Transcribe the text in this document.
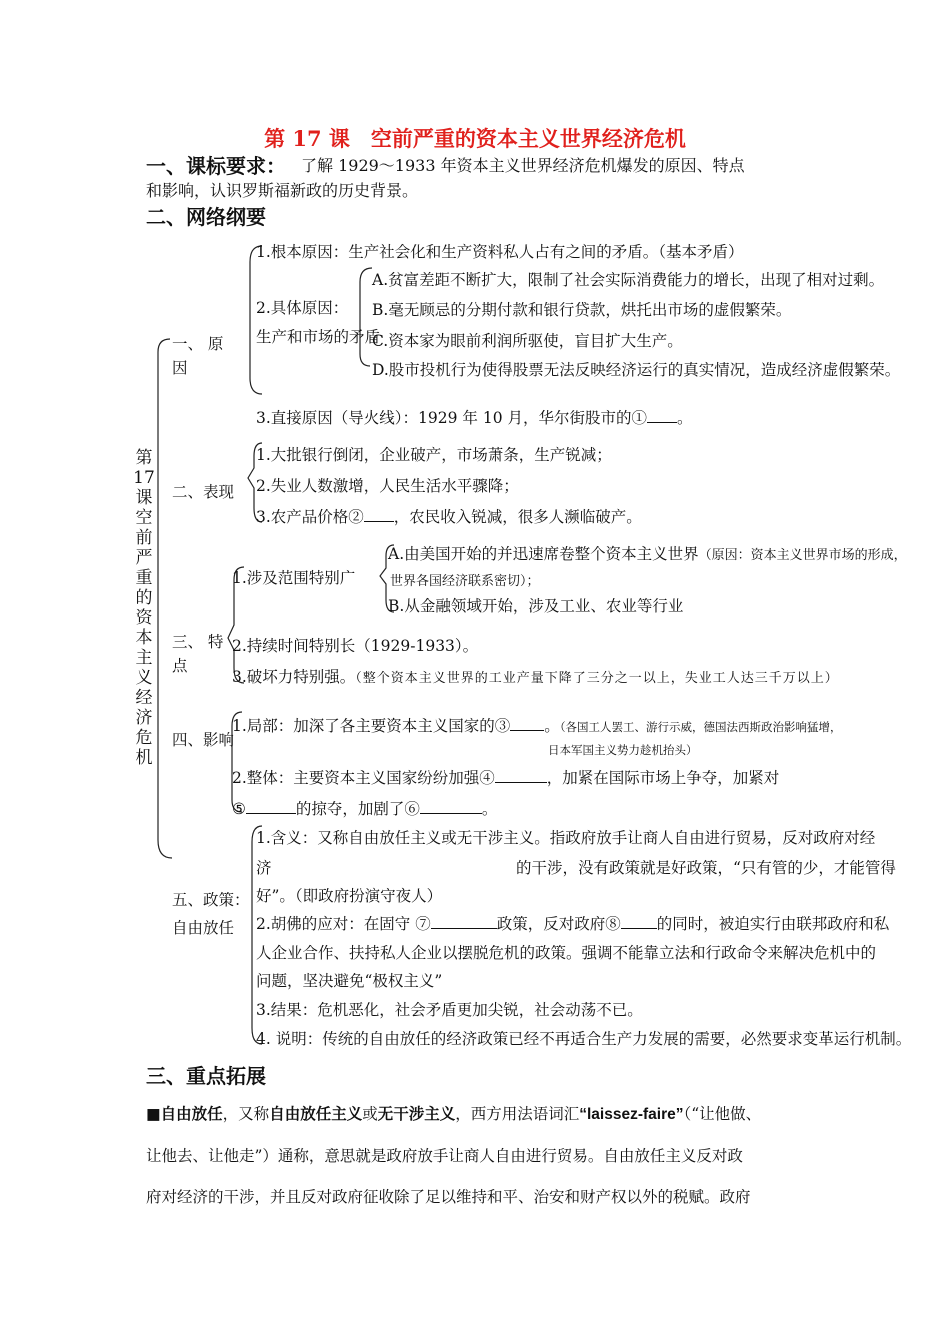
第 17 课　空前严重的资本主义世界经济危机
一、课标要求： 了解 1929～1933 年资本主义世界经济危机爆发的原因、特点
和影响，认识罗斯福新政的历史背景。
二、网络纲要
第17课 空前严重的资本主义经济危机
一、 原
因
1.根本原因：生产社会化和生产资料私人占有之间的矛盾。（基本矛盾）
2.具体原因：
生产和市场的矛盾
A.贫富差距不断扩大，限制了社会实际消费能力的增长，出现了相对过剩。
B.毫无顾忌的分期付款和银行贷款，烘托出市场的虚假繁荣。
C.资本家为眼前利润所驱使，盲目扩大生产。
D.股市投机行为使得股票无法反映经济运行的真实情况，造成经济虚假繁荣。
3.直接原因（导火线）：1929 年 10 月，华尔街股市的① 。
二、表现
1.大批银行倒闭，企业破产，市场萧条，生产锐减；
2.失业人数激增，人民生活水平骤降；
3.农产品价格② ，农民收入锐减，很多人濒临破产。
三、 特
点
1.涉及范围特别广
A.由美国开始的并迅速席卷整个资本主义世界（原因：资本主义世界市场的形成，
世界各国经济联系密切）；
B.从金融领域开始，涉及工业、农业等行业
2.持续时间特别长（1929-1933）。
3.破坏力特别强。（整个资本主义世界的工业产量下降了三分之一以上，失业工人达三千万以上）
四、影响
1.局部：加深了各主要资本主义国家的③ 。（各国工人罢工、游行示威，德国法西斯政治影响猛增，
日本军国主义势力趁机抬头）
2.整体：主要资本主义国家纷纷加强④	，加紧在国际市场上争夺，加紧对
⑤	的掠夺，加剧了⑥	。
五、政策：
自由放任
1.含义：又称自由放任主义或无干涉主义。指政府放手让商人自由进行贸易，反对政府对经
济	的干涉，没有政策就是好政策，“只有管的少，才能管得
好”。（即政府扮演守夜人）
2.胡佛的应对：在固守 ⑦	政策，反对政府⑧ 的同时，被迫实行由联邦政府和私
人企业合作、扶持私人企业以摆脱危机的政策。强调不能靠立法和行政命令来解决危机中的
问题，坚决避免“极权主义”
3.结果：危机恶化，社会矛盾更加尖锐，社会动荡不已。
4. 说明：传统的自由放任的经济政策已经不再适合生产力发展的需要，必然要求变革运行机制。
三、重点拓展
■自由放任，又称自由放任主义或无干涉主义，西方用法语词汇“laissez-faire”（“让他做、
让他去、让他走”）通称，意思就是政府放手让商人自由进行贸易。自由放任主义反对政
府对经济的干涉，并且反对政府征收除了足以维持和平、治安和财产权以外的税赋。政府
